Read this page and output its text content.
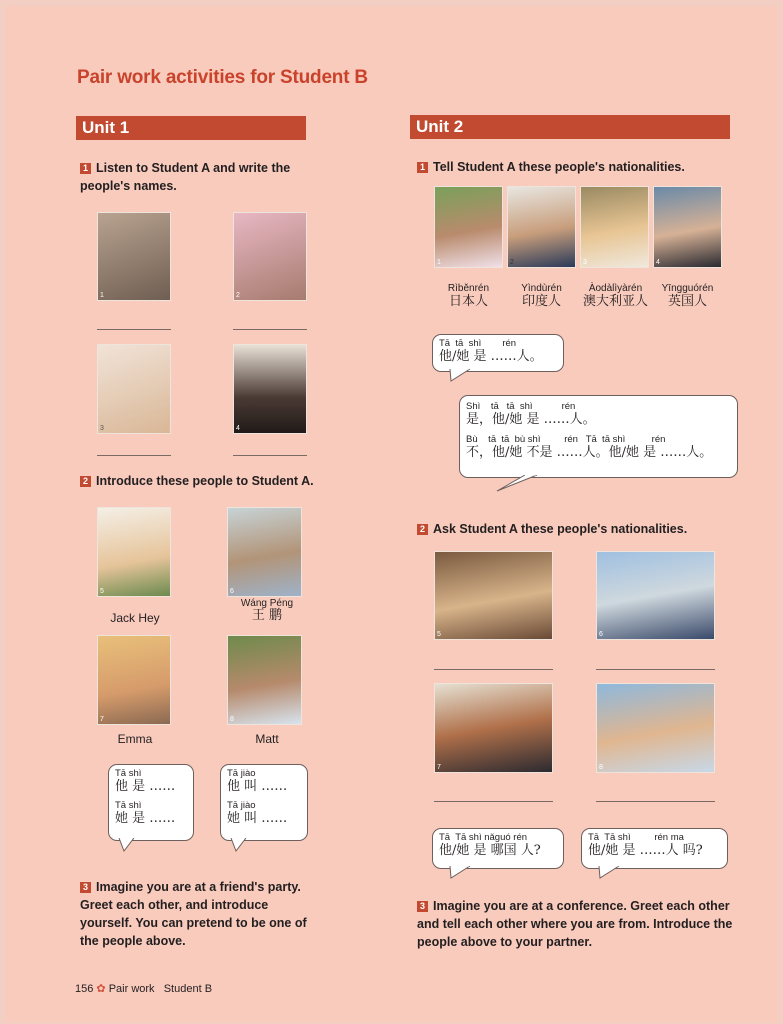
Pair work activities for Student B
Unit 1	Unit 2
1 Listen to Student A and write the people's names.
1	2
3	4
2 Introduce these people to Student A.
5
Jack Hey
6
Wáng Péng
王 鹏
7
Emma
8
Matt
Tā shì
他 是 ……
Tā shì
她 是 ……
Tā jiào
他 叫 ……
Tā jiào
她 叫 ……
3 Imagine you are at a friend's party. Greet each other, and introduce yourself. You can pretend to be one of the people above.
1 Tell Student A these people's nationalities.
1	2	3	4
Rìběnrén
日本人
Yìndùrén
印度人
Àodàlìyàrén
澳大利亚人
Yīngguórén
英国人
Tā  tā  shì        rén
他/她 是 ……人。
Shì    tā   tā  shì           rén
是，他/她 是 ……人。
Bù    tā  tā  bù shì         rén   Tā  tā shì          rén
不，他/她 不是 ……人。他/她 是 ……人。
2 Ask Student A these people's nationalities.
5	6
7	8
Tā  Tā shì nǎguó rén
他/她 是 哪国 人?
Tā  Tā shì         rén ma
他/她 是 ……人 吗?
3 Imagine you are at a conference. Greet each other and tell each other where you are from. Introduce the people above to your partner.
156 ✿ Pair work Student B
